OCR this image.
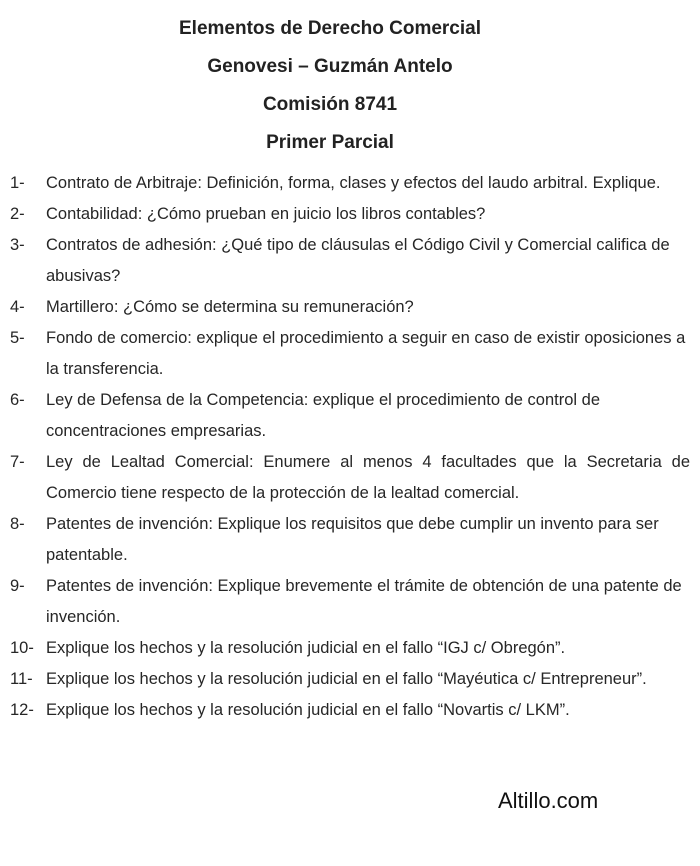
Elementos de Derecho Comercial
Genovesi – Guzmán Antelo
Comisión 8741
Primer Parcial
1-	Contrato de Arbitraje: Definición, forma, clases y efectos del laudo arbitral. Explique.
2-	Contabilidad: ¿Cómo prueban en juicio los libros contables?
3-	Contratos de adhesión: ¿Qué tipo de cláusulas el Código Civil y Comercial califica de abusivas?
4-	Martillero: ¿Cómo se determina su remuneración?
5-	Fondo de comercio: explique el procedimiento a seguir en caso de existir oposiciones a la transferencia.
6-	Ley de Defensa de la Competencia: explique el procedimiento de control de concentraciones empresarias.
7-	Ley de Lealtad Comercial: Enumere al menos 4 facultades que la Secretaria de Comercio tiene respecto de la protección de la lealtad comercial.
8-	Patentes de invención: Explique los requisitos que debe cumplir un invento para ser patentable.
9-	Patentes de invención: Explique brevemente el trámite de obtención de una patente de invención.
10- Explique los hechos y la resolución judicial en el fallo “IGJ c/ Obregón”.
11- Explique los hechos y la resolución judicial en el fallo “Mayéutica c/ Entrepreneur”.
12- Explique los hechos y la resolución judicial en el fallo “Novartis c/ LKM”.
Altillo.com
